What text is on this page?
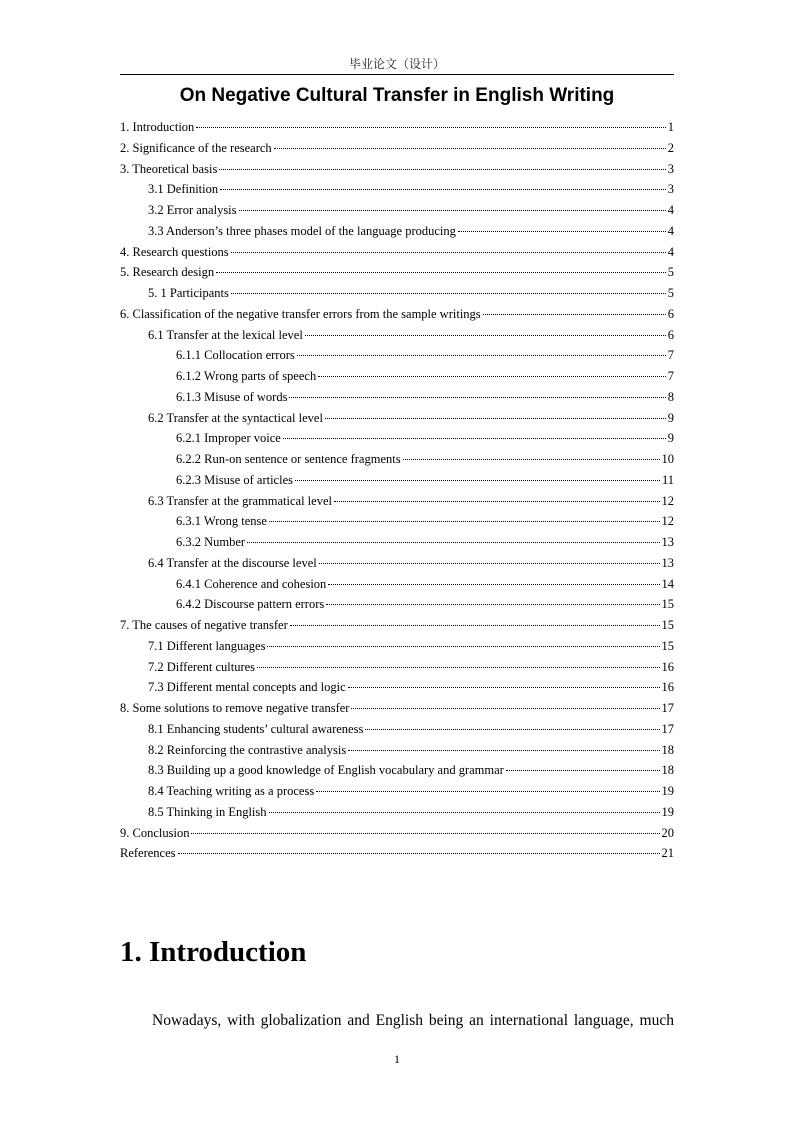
毕业论文（设计）
On Negative Cultural Transfer in English Writing
1. Introduction	1
2. Significance of the research	2
3. Theoretical basis	3
3.1 Definition	3
3.2 Error analysis	4
3.3 Anderson’s three phases model of the language producing	4
4. Research questions	4
5. Research design	5
5. 1 Participants	5
6. Classification of the negative transfer errors from the sample writings	6
6.1 Transfer at the lexical level	6
6.1.1 Collocation errors	7
6.1.2 Wrong parts of speech	7
6.1.3 Misuse of words	8
6.2 Transfer at the syntactical level	9
6.2.1 Improper voice	9
6.2.2 Run-on sentence or sentence fragments	10
6.2.3 Misuse of articles	11
6.3 Transfer at the grammatical level	12
6.3.1 Wrong tense	12
6.3.2 Number	13
6.4 Transfer at the discourse level	13
6.4.1 Coherence and cohesion	14
6.4.2 Discourse pattern errors	15
7. The causes of negative transfer	15
7.1 Different languages	15
7.2 Different cultures	16
7.3 Different mental concepts and logic	16
8. Some solutions to remove negative transfer	17
8.1 Enhancing students’ cultural awareness	17
8.2 Reinforcing the contrastive analysis	18
8.3 Building up a good knowledge of English vocabulary and grammar	18
8.4 Teaching writing as a process	19
8.5 Thinking in English	19
9. Conclusion	20
References	21
1. Introduction

Nowadays, with globalization and English being an international language, much

1
